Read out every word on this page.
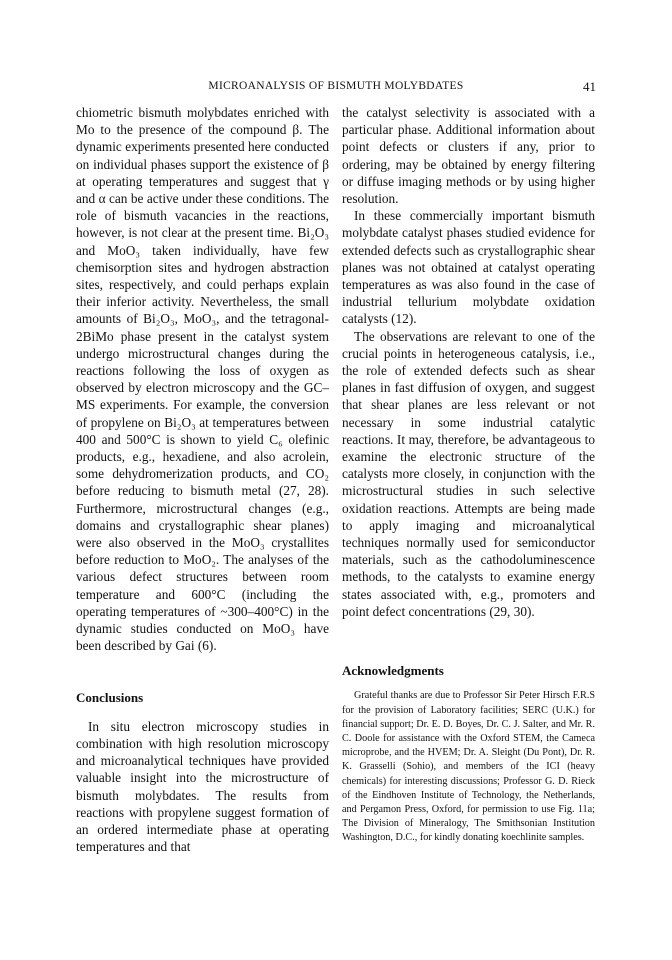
MICROANALYSIS OF BISMUTH MOLYBDATES	41

chiometric bismuth molybdates enriched with Mo to the presence of the compound β. The dynamic experiments presented here conducted on individual phases support the existence of β at operating temperatures and suggest that γ and α can be active under these conditions. The role of bismuth vacancies in the reactions, however, is not clear at the present time. Bi₂O₃ and MoO₃ taken individually, have few chemisorption sites and hydrogen abstraction sites, respectively, and could perhaps explain their inferior activity. Nevertheless, the small amounts of Bi₂O₃, MoO₃, and the tetragonal-2BiMo phase present in the catalyst system undergo microstructural changes during the reactions following the loss of oxygen as observed by electron microscopy and the GC–MS experiments. For example, the conversion of propylene on Bi₂O₃ at temperatures between 400 and 500°C is shown to yield C₆ olefinic products, e.g., hexadiene, and also acrolein, some dehydromerization products, and CO₂ before reducing to bismuth metal (27, 28). Furthermore, microstructural changes (e.g., domains and crystallographic shear planes) were also observed in the MoO₃ crystallites before reduction to MoO₂. The analyses of the various defect structures between room temperature and 600°C (including the operating temperatures of ~300–400°C) in the dynamic studies conducted on MoO₃ have been described by Gai (6).

Conclusions

In situ electron microscopy studies in combination with high resolution microscopy and microanalytical techniques have provided valuable insight into the microstructure of bismuth molybdates. The results from reactions with propylene suggest formation of an ordered intermediate phase at operating temperatures and that

the catalyst selectivity is associated with a particular phase. Additional information about point defects or clusters if any, prior to ordering, may be obtained by energy filtering or diffuse imaging methods or by using higher resolution.

In these commercially important bismuth molybdate catalyst phases studied evidence for extended defects such as crystallographic shear planes was not obtained at catalyst operating temperatures as was also found in the case of industrial tellurium molybdate oxidation catalysts (12).

The observations are relevant to one of the crucial points in heterogeneous catalysis, i.e., the role of extended defects such as shear planes in fast diffusion of oxygen, and suggest that shear planes are less relevant or not necessary in some industrial catalytic reactions. It may, therefore, be advantageous to examine the electronic structure of the catalysts more closely, in conjunction with the microstructural studies in such selective oxidation reactions. Attempts are being made to apply imaging and microanalytical techniques normally used for semiconductor materials, such as the cathodoluminescence methods, to the catalysts to examine energy states associated with, e.g., promoters and point defect concentrations (29, 30).

Acknowledgments

Grateful thanks are due to Professor Sir Peter Hirsch F.R.S for the provision of Laboratory facilities; SERC (U.K.) for financial support; Dr. E. D. Boyes, Dr. C. J. Salter, and Mr. R. C. Doole for assistance with the Oxford STEM, the Cameca microprobe, and the HVEM; Dr. A. Sleight (Du Pont), Dr. R. K. Grasselli (Sohio), and members of the ICI (heavy chemicals) for interesting discussions; Professor G. D. Rieck of the Eindhoven Institute of Technology, the Netherlands, and Pergamon Press, Oxford, for permission to use Fig. 11a; The Division of Mineralogy, The Smithsonian Institution Washington, D.C., for kindly donating koechlinite samples.
